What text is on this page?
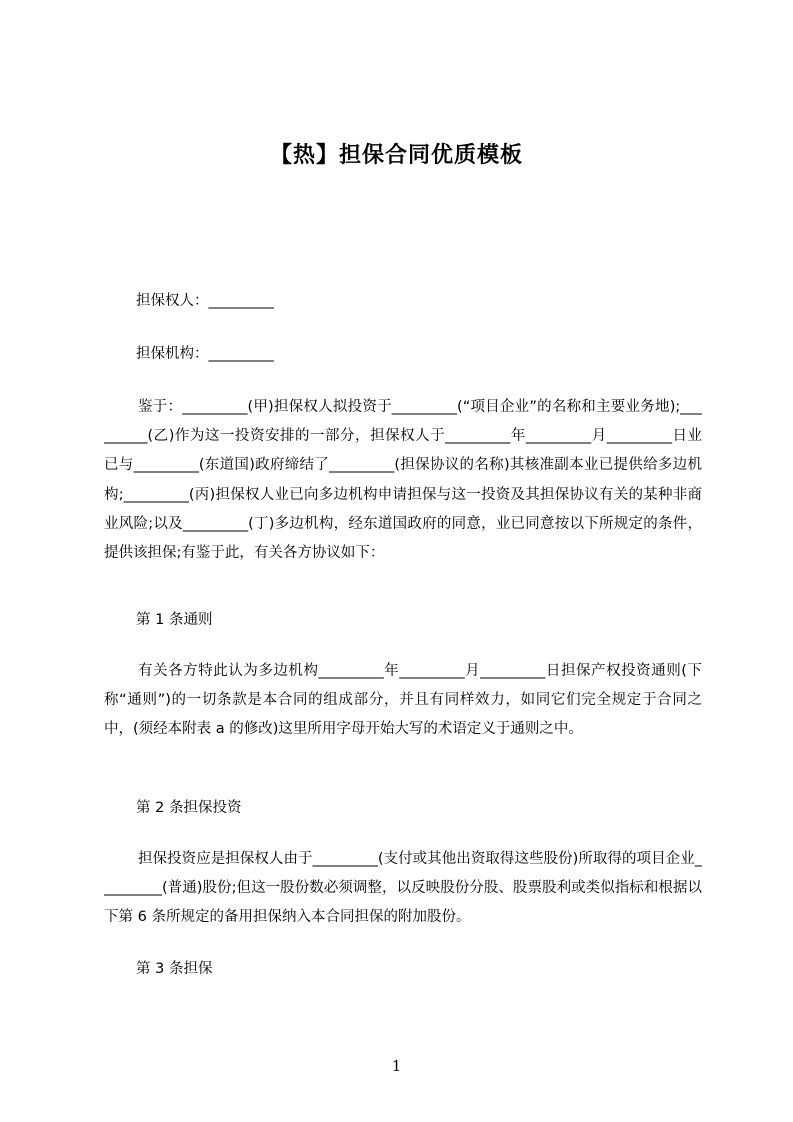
【热】担保合同优质模板
担保权人：_________
担保机构：_________
鉴于：_________(甲)担保权人拟投资于_________(“项目企业”的名称和主要业务地);_________(乙)作为这一投资安排的一部分，担保权人于_________年_________月_________日业已与_________(东道国)政府缔结了_________(担保协议的名称)其核准副本业已提供给多边机构;_________(丙)担保权人业已向多边机构申请担保与这一投资及其担保协议有关的某种非商业风险;以及_________(丁)多边机构，经东道国政府的同意，业已同意按以下所规定的条件，提供该担保;有鉴于此，有关各方协议如下：
第 1 条通则
有关各方特此认为多边机构_________年_________月_________日担保产权投资通则(下称“通则”)的一切条款是本合同的组成部分，并且有同样效力，如同它们完全规定于合同之中，(须经本附表 a 的修改)这里所用字母开始大写的术语定义于通则之中。
第 2 条担保投资
担保投资应是担保权人由于_________(支付或其他出资取得这些股份)所取得的项目企业_________(普通)股份;但这一股份数必须调整，以反映股份分股、股票股利或类似指标和根据以下第 6 条所规定的备用担保纳入本合同担保的附加股份。
第 3 条担保
1
